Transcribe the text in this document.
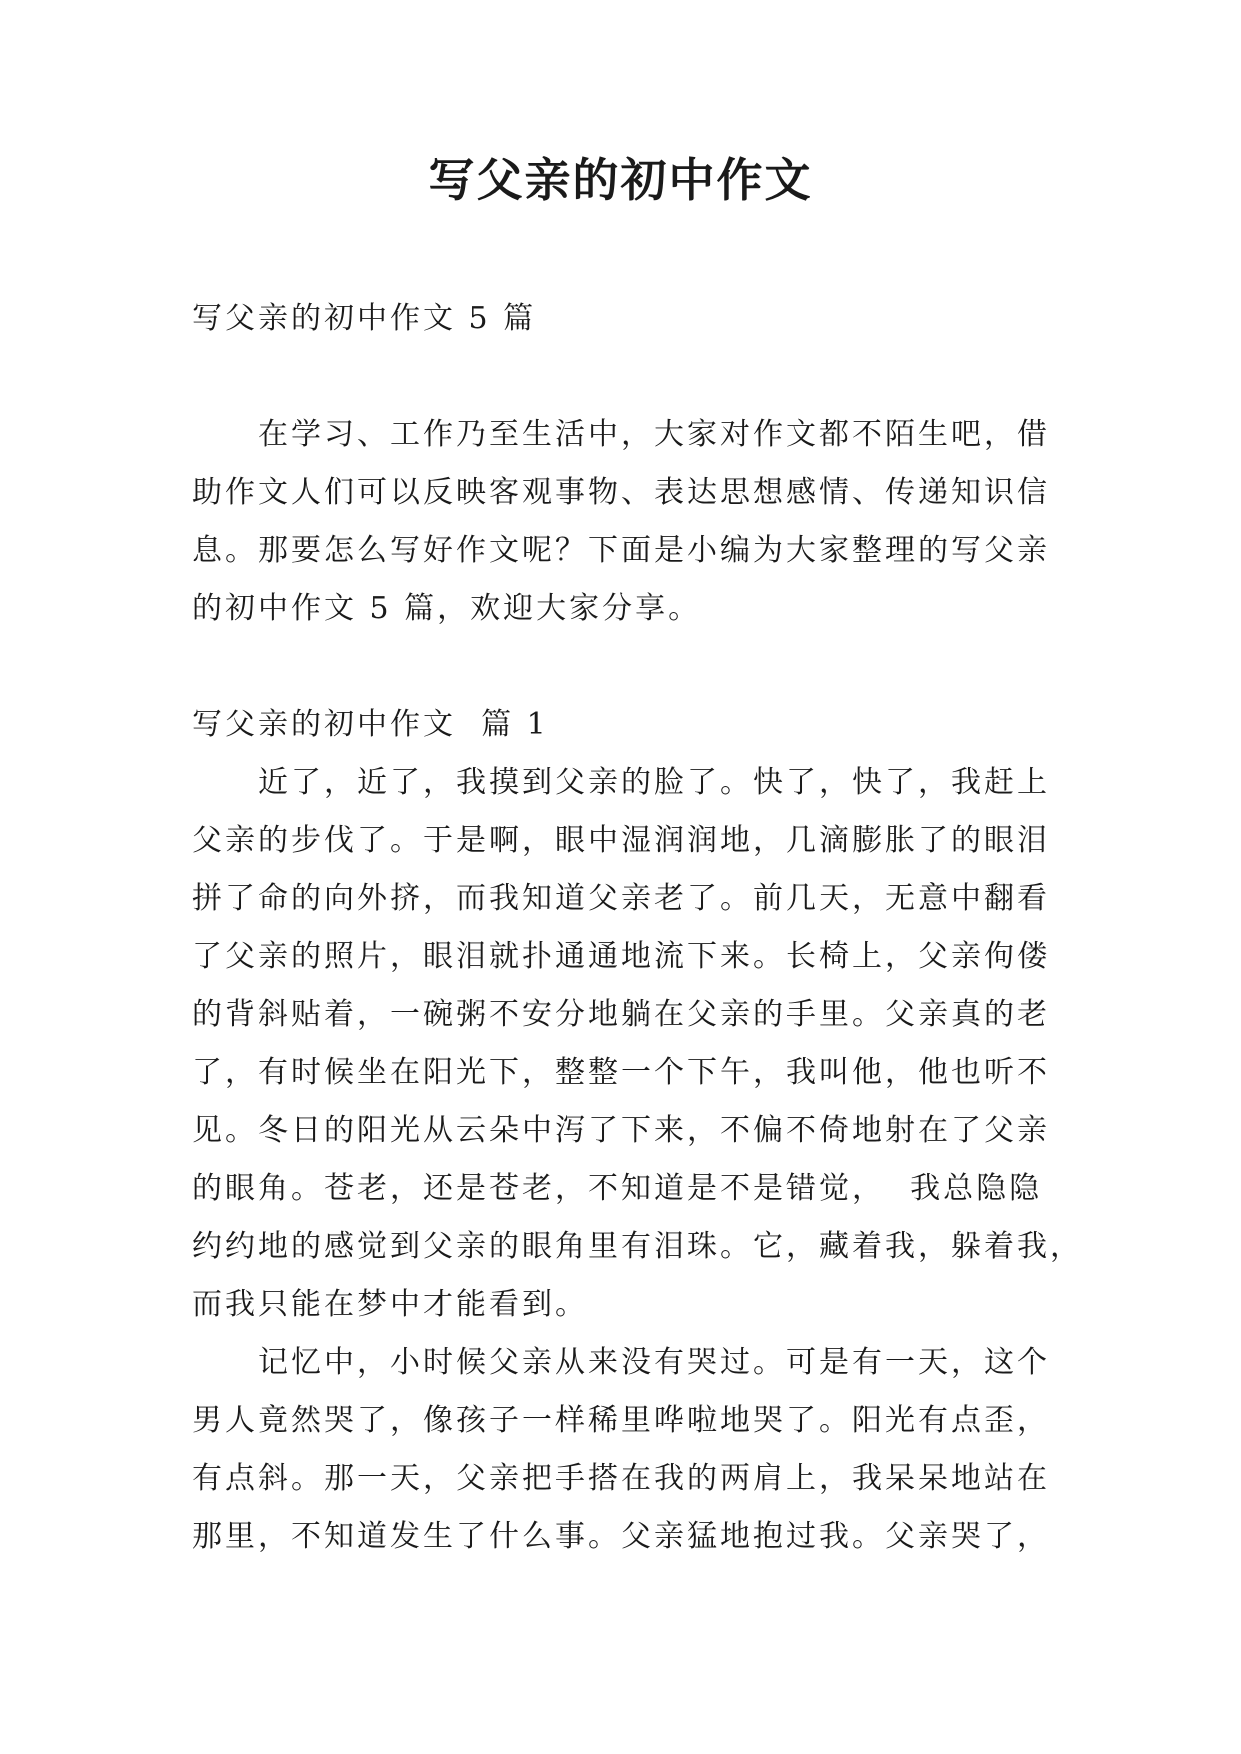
写父亲的初中作文

写父亲的初中作文 5 篇

在学习、工作乃至生活中，大家对作文都不陌生吧，借

助作文人们可以反映客观事物、表达思想感情、传递知识信

息。那要怎么写好作文呢？下面是小编为大家整理的写父亲

的初中作文 5 篇，欢迎大家分享。

写父亲的初中作文  篇 1

近了，近了，我摸到父亲的脸了。快了，快了，我赶上

父亲的步伐了。于是啊，眼中湿润润地，几滴膨胀了的眼泪

拼了命的向外挤，而我知道父亲老了。前几天，无意中翻看

了父亲的照片，眼泪就扑通通地流下来。长椅上，父亲佝偻

的背斜贴着，一碗粥不安分地躺在父亲的手里。父亲真的老

了，有时候坐在阳光下，整整一个下午，我叫他，他也听不

见。冬日的阳光从云朵中泻了下来，不偏不倚地射在了父亲

的眼角。苍老，还是苍老，不知道是不是错觉，  我总隐隐

约约地的感觉到父亲的眼角里有泪珠。它，藏着我，躲着我，

而我只能在梦中才能看到。

记忆中，小时候父亲从来没有哭过。可是有一天，这个

男人竟然哭了，像孩子一样稀里哗啦地哭了。阳光有点歪，

有点斜。那一天，父亲把手搭在我的两肩上，我呆呆地站在

那里，不知道发生了什么事。父亲猛地抱过我。父亲哭了，
